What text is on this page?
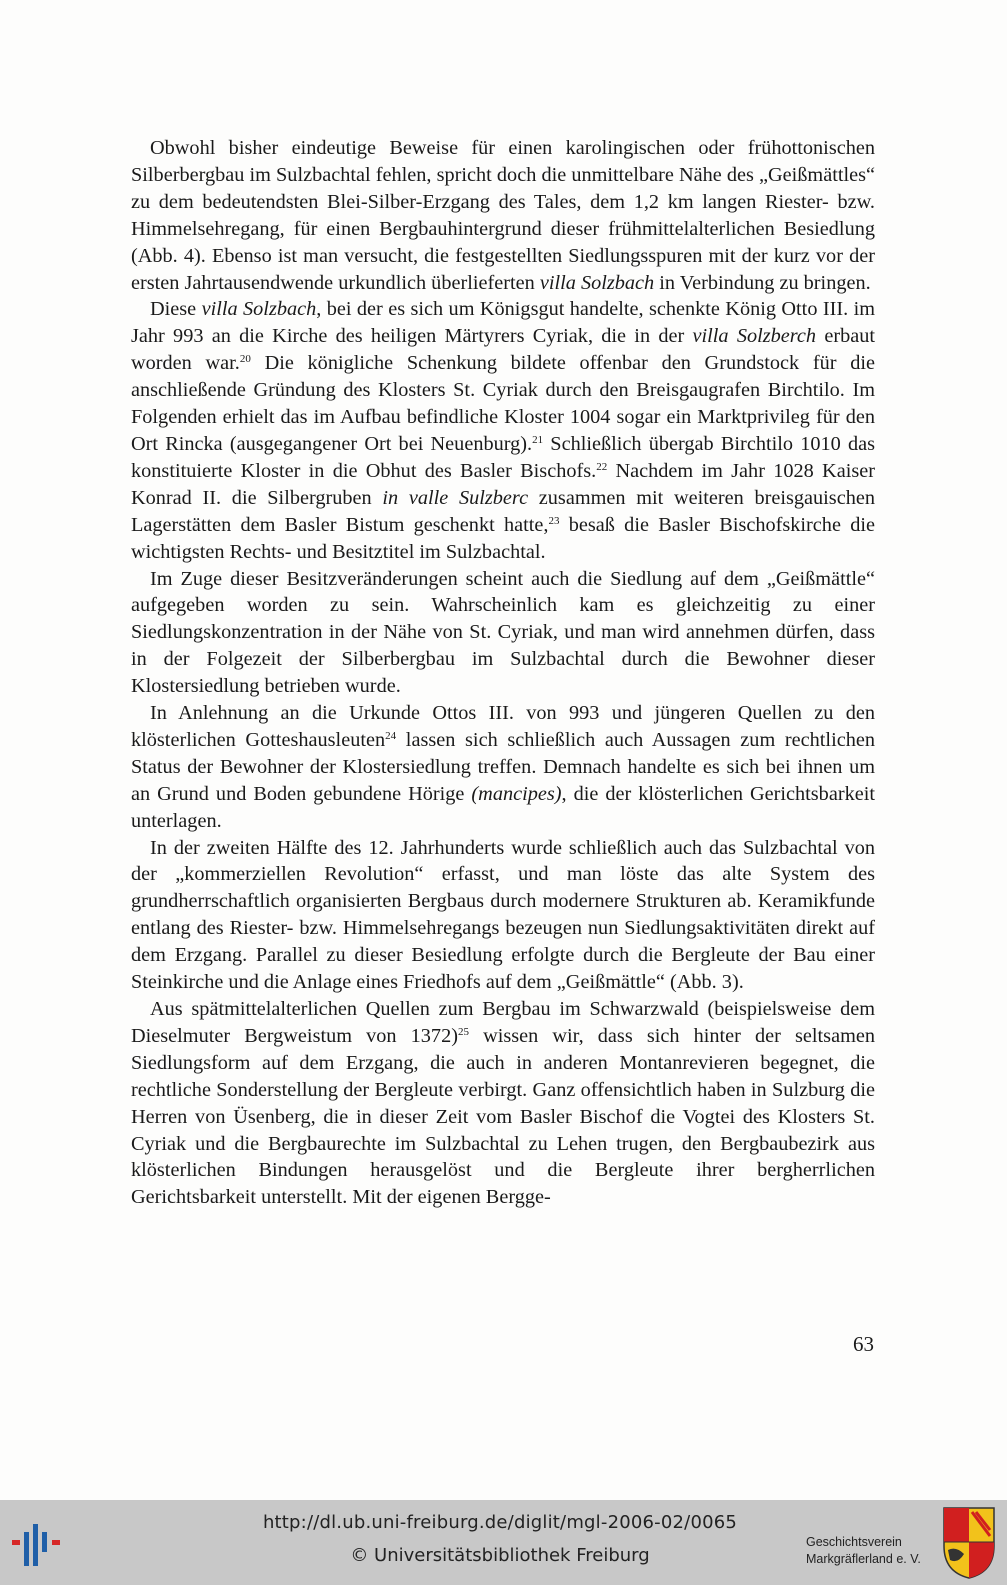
Obwohl bisher eindeutige Beweise für einen karolingischen oder frühottonischen Silberbergbau im Sulzbachtal fehlen, spricht doch die unmittelbare Nähe des „Geißmättles“ zu dem bedeutendsten Blei-Silber-Erzgang des Tales, dem 1,2 km langen Riester- bzw. Himmelsehregang, für einen Bergbauhintergrund dieser frühmittelalterlichen Besiedlung (Abb. 4). Ebenso ist man versucht, die festgestellten Siedlungsspuren mit der kurz vor der ersten Jahrtausendwende urkundlich überlieferten villa Solzbach in Verbindung zu bringen.

Diese villa Solzbach, bei der es sich um Königsgut handelte, schenkte König Otto III. im Jahr 993 an die Kirche des heiligen Märtyrers Cyriak, die in der villa Solzberch erbaut worden war.$^{20}$ Die königliche Schenkung bildete offenbar den Grundstock für die anschließende Gründung des Klosters St. Cyriak durch den Breisgaugrafen Birchtilo. Im Folgenden erhielt das im Aufbau befindliche Kloster 1004 sogar ein Marktprivileg für den Ort Rincka (ausgegangener Ort bei Neuenburg).$^{21}$ Schließlich übergab Birchtilo 1010 das konstituierte Kloster in die Obhut des Basler Bischofs.$^{22}$ Nachdem im Jahr 1028 Kaiser Konrad II. die Silbergruben in valle Sulzberc zusammen mit weiteren breisgauischen Lagerstätten dem Basler Bistum geschenkt hatte,$^{23}$ besaß die Basler Bischofskirche die wichtigsten Rechts- und Besitztitel im Sulzbachtal.

Im Zuge dieser Besitzveränderungen scheint auch die Siedlung auf dem „Geißmättle“ aufgegeben worden zu sein. Wahrscheinlich kam es gleichzeitig zu einer Siedlungskonzentration in der Nähe von St. Cyriak, und man wird annehmen dürfen, dass in der Folgezeit der Silberbergbau im Sulzbachtal durch die Bewohner dieser Klostersiedlung betrieben wurde.

In Anlehnung an die Urkunde Ottos III. von 993 und jüngeren Quellen zu den klösterlichen Gotteshausleuten$^{24}$ lassen sich schließlich auch Aussagen zum rechtlichen Status der Bewohner der Klostersiedlung treffen. Demnach handelte es sich bei ihnen um an Grund und Boden gebundene Hörige (mancipes), die der klösterlichen Gerichtsbarkeit unterlagen.

In der zweiten Hälfte des 12. Jahrhunderts wurde schließlich auch das Sulzbachtal von der „kommerziellen Revolution“ erfasst, und man löste das alte System des grundherrschaftlich organisierten Bergbaus durch modernere Strukturen ab. Keramikfunde entlang des Riester- bzw. Himmelsehregangs bezeugen nun Siedlungsaktivitäten direkt auf dem Erzgang. Parallel zu dieser Besiedlung erfolgte durch die Bergleute der Bau einer Steinkirche und die Anlage eines Friedhofs auf dem „Geißmättle“ (Abb. 3).

Aus spätmittelalterlichen Quellen zum Bergbau im Schwarzwald (beispielsweise dem Dieselmuter Bergweistum von 1372)$^{25}$ wissen wir, dass sich hinter der seltsamen Siedlungsform auf dem Erzgang, die auch in anderen Montanrevieren begegnet, die rechtliche Sonderstellung der Bergleute verbirgt. Ganz offensichtlich haben in Sulzburg die Herren von Üsenberg, die in dieser Zeit vom Basler Bischof die Vogtei des Klosters St. Cyriak und die Bergbaurechte im Sulzbachtal zu Lehen trugen, den Bergbaubezirk aus klösterlichen Bindungen herausgelöst und die Bergleute ihrer bergherrlichen Gerichtsbarkeit unterstellt. Mit der eigenen Bergge-

63
http://dl.ub.uni-freiburg.de/diglit/mgl-2006-02/0065
© Universitätsbibliothek Freiburg
Geschichtsverein
Markgräflerland e. V.
